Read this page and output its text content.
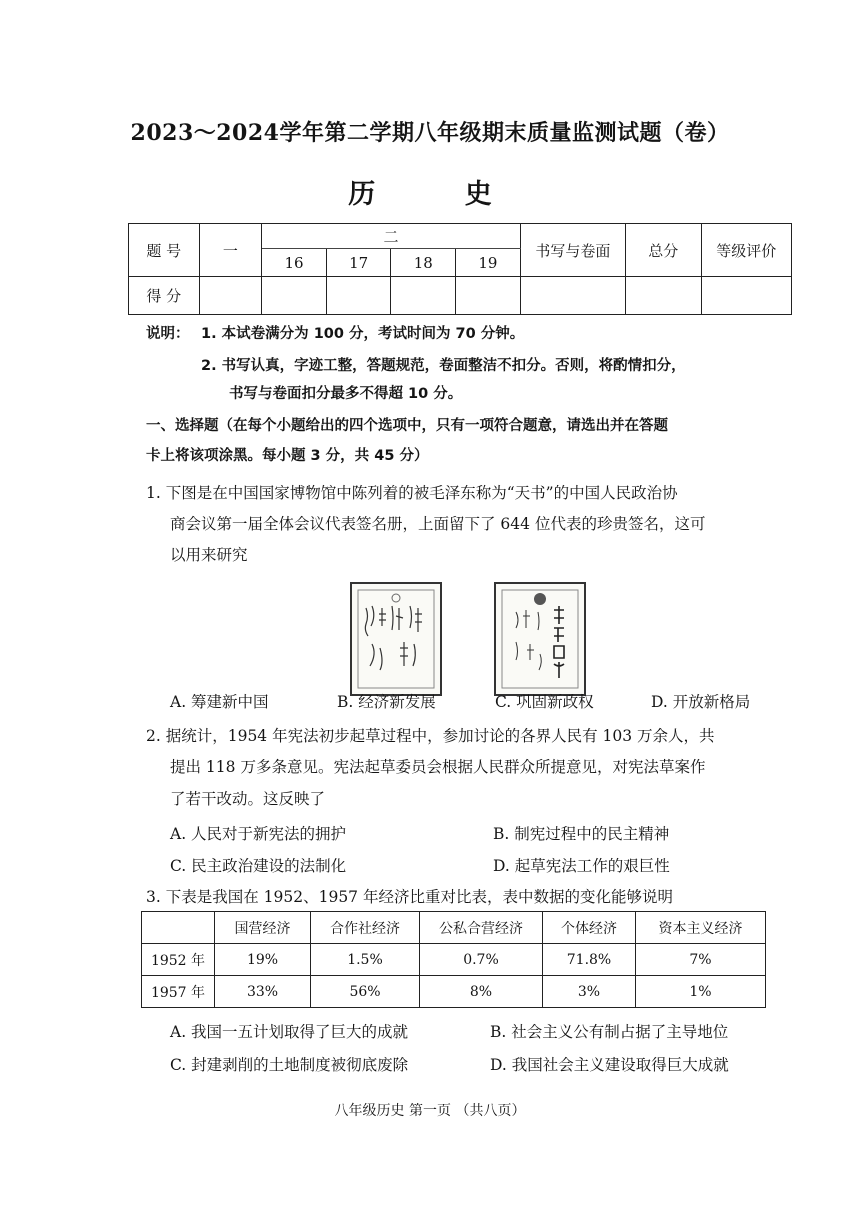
2023～2024学年第二学期八年级期末质量监测试题（卷）
历 史
题 号	一	二				书写与卷面	总分	等级评价
		16	17	18	19			
得 分								
说明： 1. 本试卷满分为 100 分，考试时间为 70 分钟。
2. 书写认真，字迹工整，答题规范，卷面整洁不扣分。否则，将酌情扣分，
书写与卷面扣分最多不得超 10 分。
一、选择题（在每个小题给出的四个选项中，只有一项符合题意，请选出并在答题
卡上将该项涂黑。每小题 3 分，共 45 分）
1. 下图是在中国国家博物馆中陈列着的被毛泽东称为“天书”的中国人民政治协
商会议第一届全体会议代表签名册，上面留下了 644 位代表的珍贵签名，这可
以用来研究
A. 筹建新中国	B. 经济新发展	C. 巩固新政权	D. 开放新格局
2. 据统计，1954 年宪法初步起草过程中，参加讨论的各界人民有 103 万余人，共
提出 118 万多条意见。宪法起草委员会根据人民群众所提意见，对宪法草案作
了若干改动。这反映了
A. 人民对于新宪法的拥护	B. 制宪过程中的民主精神
C. 民主政治建设的法制化	D. 起草宪法工作的艰巨性
3. 下表是我国在 1952、1957 年经济比重对比表，表中数据的变化能够说明
	国营经济	合作社经济	公私合营经济	个体经济	资本主义经济
1952 年	19%	1.5%	0.7%	71.8%	7%
1957 年	33%	56%	8%	3%	1%
A. 我国一五计划取得了巨大的成就	B. 社会主义公有制占据了主导地位
C. 封建剥削的土地制度被彻底废除	D. 我国社会主义建设取得巨大成就
八年级历史 第一页 （共八页）
